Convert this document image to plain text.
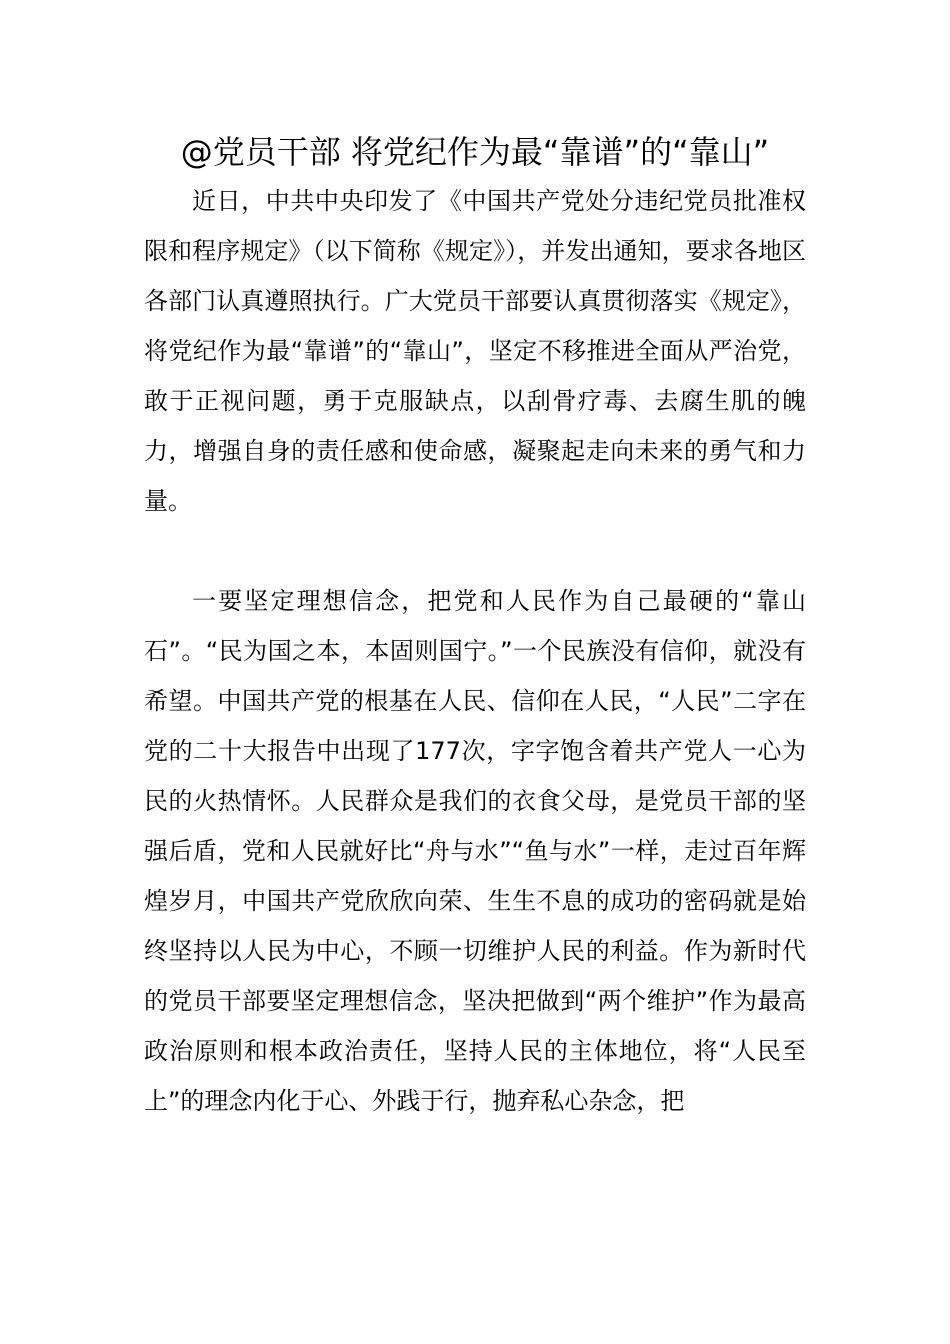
@党员干部 将党纪作为最“靠谱”的“靠山”

近日，中共中央印发了《中国共产党处分违纪党员批准权限和程序规定》（以下简称《规定》），并发出通知，要求各地区各部门认真遵照执行。广大党员干部要认真贯彻落实《规定》，将党纪作为最“靠谱”的“靠山”，坚定不移推进全面从严治党，敢于正视问题，勇于克服缺点，以刮骨疗毒、去腐生肌的魄力，增强自身的责任感和使命感，凝聚起走向未来的勇气和力量。

一要坚定理想信念，把党和人民作为自己最硬的“靠山石”。“民为国之本，本固则国宁。”一个民族没有信仰，就没有希望。中国共产党的根基在人民、信仰在人民，“人民”二字在党的二十大报告中出现了177次，字字饱含着共产党人一心为民的火热情怀。人民群众是我们的衣食父母，是党员干部的坚强后盾，党和人民就好比“舟与水”“鱼与水”一样，走过百年辉煌岁月，中国共产党欣欣向荣、生生不息的成功的密码就是始终坚持以人民为中心，不顾一切维护人民的利益。作为新时代的党员干部要坚定理想信念，坚决把做到“两个维护”作为最高政治原则和根本政治责任，坚持人民的主体地位，将“人民至上”的理念内化于心、外践于行，抛弃私心杂念，把
